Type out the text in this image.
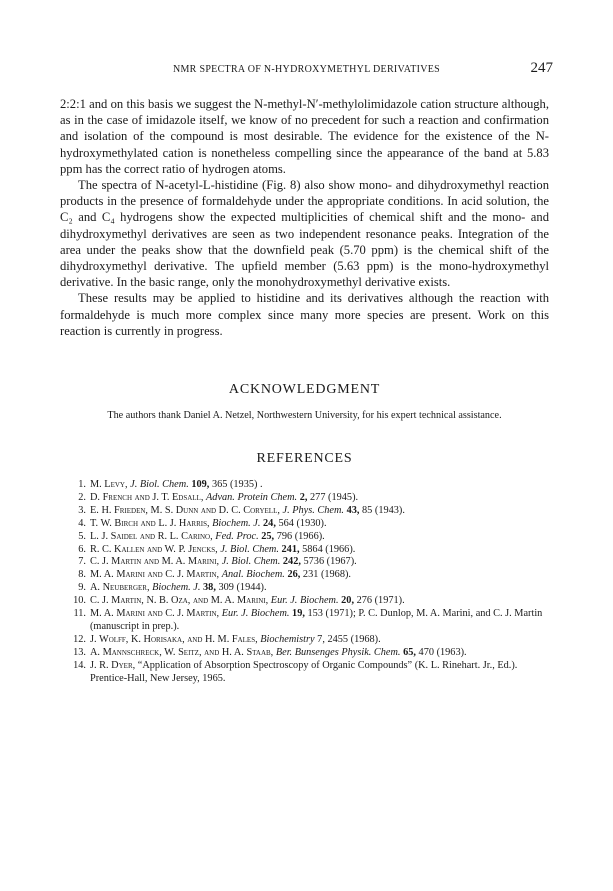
NMR SPECTRA OF N-HYDROXYMETHYL DERIVATIVES	247

2:2:1 and on this basis we suggest the N-methyl-N′-methylolimidazole cation structure although, as in the case of imidazole itself, we know of no precedent for such a reaction and confirmation and isolation of the compound is most desirable. The evidence for the existence of the N-hydroxymethylated cation is nonetheless compelling since the appearance of the band at 5.83 ppm has the correct ratio of hydrogen atoms.

The spectra of N-acetyl-L-histidine (Fig. 8) also show mono- and dihydroxymethyl reaction products in the presence of formaldehyde under the appropriate conditions. In acid solution, the C₂ and C₄ hydrogens show the expected multiplicities of chemical shift and the mono- and dihydroxymethyl derivatives are seen as two independent resonance peaks. Integration of the area under the peaks show that the downfield peak (5.70 ppm) is the chemical shift of the dihydroxymethyl derivative. The upfield member (5.63 ppm) is the mono-hydroxymethyl derivative. In the basic range, only the monohydroxymethyl derivative exists.

These results may be applied to histidine and its derivatives although the reaction with formaldehyde is much more complex since many more species are present. Work on this reaction is currently in progress.

ACKNOWLEDGMENT
The authors thank Daniel A. Netzel, Northwestern University, for his expert technical assistance.
REFERENCES
1. M. Levy, J. Biol. Chem. 109, 365 (1935) .
2. D. French and J. T. Edsall, Advan. Protein Chem. 2, 277 (1945).
3. E. H. Frieden, M. S. Dunn and D. C. Coryell, J. Phys. Chem. 43, 85 (1943).
4. T. W. Birch and L. J. Harris, Biochem. J. 24, 564 (1930).
5. L. J. Saidel and R. L. Carino, Fed. Proc. 25, 796 (1966).
6. R. C. Kallen and W. P. Jencks, J. Biol. Chem. 241, 5864 (1966).
7. C. J. Martin and M. A. Marini, J. Biol. Chem. 242, 5736 (1967).
8. M. A. Marini and C. J. Martin, Anal. Biochem. 26, 231 (1968).
9. A. Neuberger, Biochem. J. 38, 309 (1944).
10. C. J. Martin, N. B. Oza, and M. A. Marini, Eur. J. Biochem. 20, 276 (1971).
11. M. A. Marini and C. J. Martin, Eur. J. Biochem. 19, 153 (1971); P. C. Dunlop, M. A. Marini, and C. J. Martin (manuscript in prep.).
12. J. Wolff, K. Horisaka, and H. M. Fales, Biochemistry 7, 2455 (1968).
13. A. Mannschreck, W. Seitz, and H. A. Staab, Ber. Bunsenges Physik. Chem. 65, 470 (1963).
14. J. R. Dyer, “Application of Absorption Spectroscopy of Organic Compounds” (K. L. Rinehart. Jr., Ed.). Prentice-Hall, New Jersey, 1965.
